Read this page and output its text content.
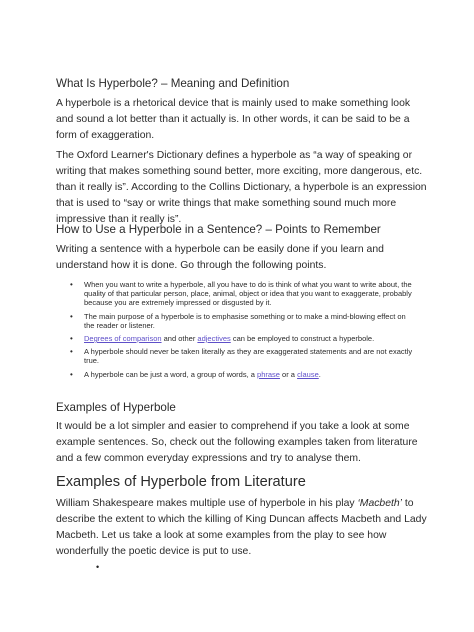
What Is Hyperbole? – Meaning and Definition

A hyperbole is a rhetorical device that is mainly used to make something look and sound a lot better than it actually is. In other words, it can be said to be a form of exaggeration.

The Oxford Learner's Dictionary defines a hyperbole as “a way of speaking or writing that makes something sound better, more exciting, more dangerous, etc. than it really is”. According to the Collins Dictionary, a hyperbole is an expression that is used to “say or write things that make something sound much more impressive than it really is”.

How to Use a Hyperbole in a Sentence? – Points to Remember

Writing a sentence with a hyperbole can be easily done if you learn and understand how it is done. Go through the following points.

• When you want to write a hyperbole, all you have to do is think of what you want to write about, the quality of that particular person, place, animal, object or idea that you want to exaggerate, probably because you are extremely impressed or disgusted by it.
• The main purpose of a hyperbole is to emphasise something or to make a mind-blowing effect on the reader or listener.
• Degrees of comparison and other adjectives can be employed to construct a hyperbole.
• A hyperbole should never be taken literally as they are exaggerated statements and are not exactly true.
• A hyperbole can be just a word, a group of words, a phrase or a clause.
Examples of Hyperbole

It would be a lot simpler and easier to comprehend if you take a look at some example sentences. So, check out the following examples taken from literature and a few common everyday expressions and try to analyse them.

Examples of Hyperbole from Literature

William Shakespeare makes multiple use of hyperbole in his play ‘Macbeth’ to describe the extent to which the killing of King Duncan affects Macbeth and Lady Macbeth. Let us take a look at some examples from the play to see how wonderfully the poetic device is put to use.

•
